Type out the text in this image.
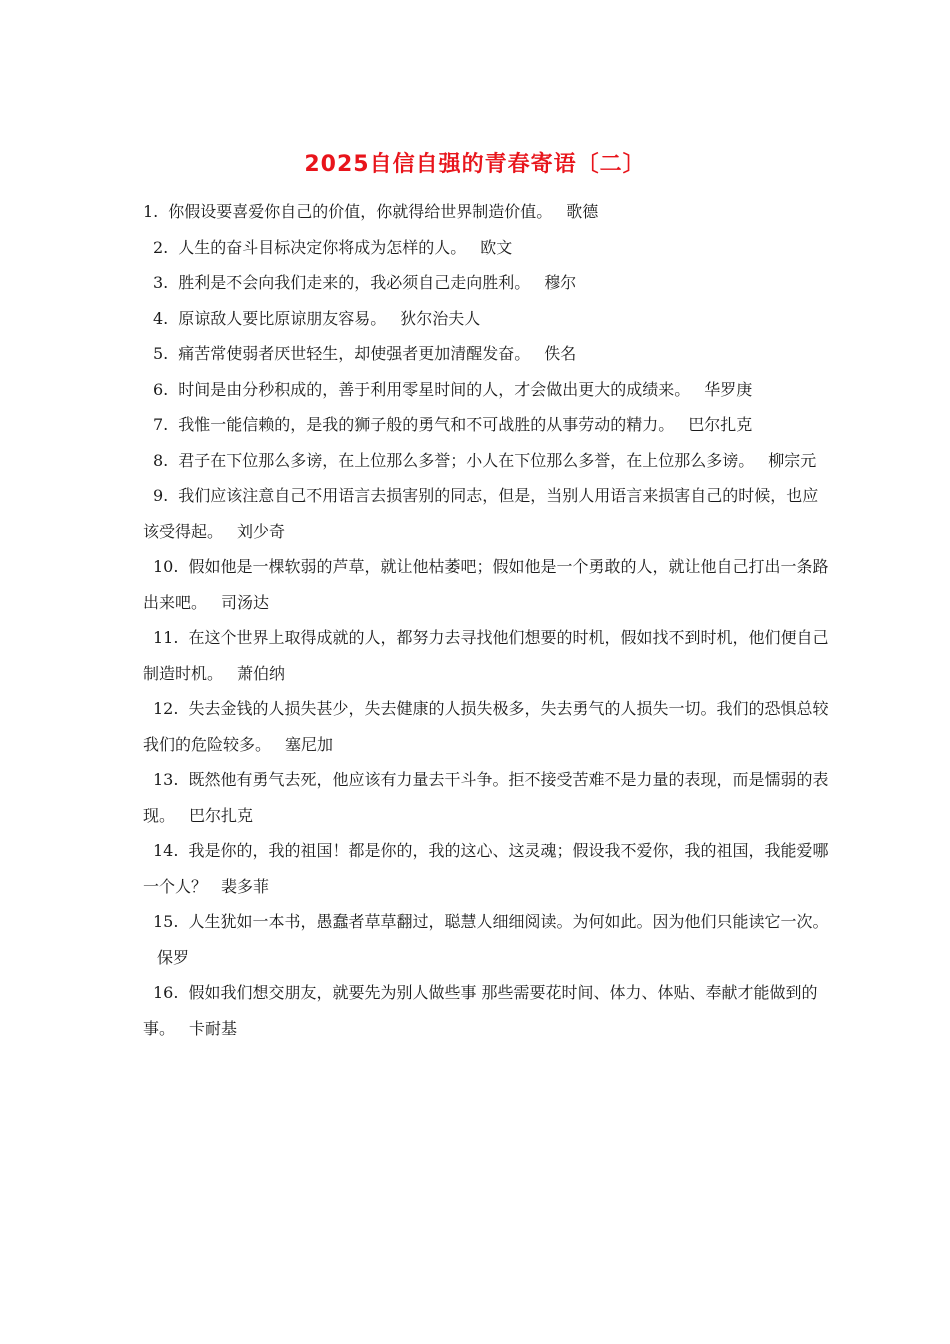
2025自信自强的青春寄语〔二〕
1. 你假设要喜爱你自己的价值，你就得给世界制造价值。 歌德
2. 人生的奋斗目标决定你将成为怎样的人。 欧文
3. 胜利是不会向我们走来的，我必须自己走向胜利。 穆尔
4. 原谅敌人要比原谅朋友容易。 狄尔治夫人
5. 痛苦常使弱者厌世轻生，却使强者更加清醒发奋。 佚名
6. 时间是由分秒积成的，善于利用零星时间的人，才会做出更大的成绩来。 华罗庚
7. 我惟一能信赖的，是我的狮子般的勇气和不可战胜的从事劳动的精力。 巴尔扎克
8. 君子在下位那么多谤，在上位那么多誉；小人在下位那么多誉，在上位那么多谤。 柳宗元
9. 我们应该注意自己不用语言去损害别的同志，但是，当别人用语言来损害自己的时候，也应该受得起。 刘少奇
10. 假如他是一棵软弱的芦草，就让他枯萎吧；假如他是一个勇敢的人，就让他自己打出一条路出来吧。 司汤达
11. 在这个世界上取得成就的人，都努力去寻找他们想要的时机，假如找不到时机，他们便自己制造时机。 萧伯纳
12. 失去金钱的人损失甚少，失去健康的人损失极多，失去勇气的人损失一切。我们的恐惧总较我们的危险较多。 塞尼加
13. 既然他有勇气去死，他应该有力量去干斗争。拒不接受苦难不是力量的表现，而是懦弱的表现。 巴尔扎克
14. 我是你的，我的祖国！都是你的，我的这心、这灵魂；假设我不爱你，我的祖国，我能爱哪一个人？ 裴多菲
15. 人生犹如一本书，愚蠢者草草翻过，聪慧人细细阅读。为何如此。因为他们只能读它一次。保罗
16. 假如我们想交朋友，就要先为别人做些事 那些需要花时间、体力、体贴、奉献才能做到的事。 卡耐基
